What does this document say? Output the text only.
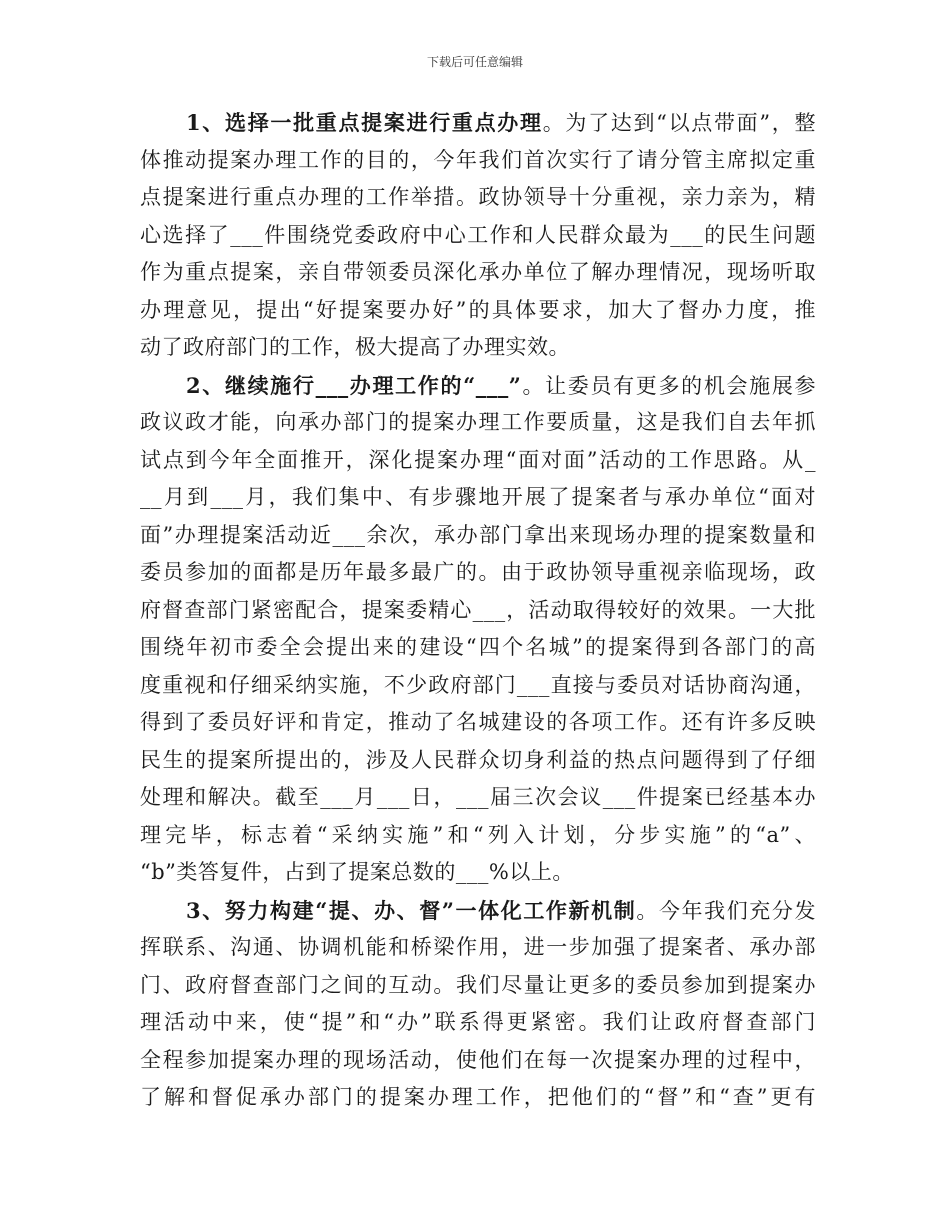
下载后可任意编辑
1、选择一批重点提案进行重点办理。为了达到“以点带面”，整
体推动提案办理工作的目的，今年我们首次实行了请分管主席拟定重
点提案进行重点办理的工作举措。政协领导十分重视，亲力亲为，精
心选择了___件围绕党委政府中心工作和人民群众最为___的民生问题
作为重点提案，亲自带领委员深化承办单位了解办理情况，现场听取
办理意见，提出“好提案要办好”的具体要求，加大了督办力度，推
动了政府部门的工作，极大提高了办理实效。
2、继续施行___办理工作的“___”。让委员有更多的机会施展参
政议政才能，向承办部门的提案办理工作要质量，这是我们自去年抓
试点到今年全面推开，深化提案办理“面对面”活动的工作思路。从_
__月到___月，我们集中、有步骤地开展了提案者与承办单位“面对
面”办理提案活动近___余次，承办部门拿出来现场办理的提案数量和
委员参加的面都是历年最多最广的。由于政协领导重视亲临现场，政
府督查部门紧密配合，提案委精心___，活动取得较好的效果。一大批
围绕年初市委全会提出来的建设“四个名城”的提案得到各部门的高
度重视和仔细采纳实施，不少政府部门___直接与委员对话协商沟通，
得到了委员好评和肯定，推动了名城建设的各项工作。还有许多反映
民生的提案所提出的，涉及人民群众切身利益的热点问题得到了仔细
处理和解决。截至___月___日，___届三次会议___件提案已经基本办
理完毕，标志着“采纳实施”和“列入计划，分步实施”的“a”、
“b”类答复件，占到了提案总数的___%以上。
3、努力构建“提、办、督”一体化工作新机制。今年我们充分发
挥联系、沟通、协调机能和桥梁作用，进一步加强了提案者、承办部
门、政府督查部门之间的互动。我们尽量让更多的委员参加到提案办
理活动中来，使“提”和“办”联系得更紧密。我们让政府督查部门
全程参加提案办理的现场活动，使他们在每一次提案办理的过程中，
了解和督促承办部门的提案办理工作，把他们的“督”和“查”更有
